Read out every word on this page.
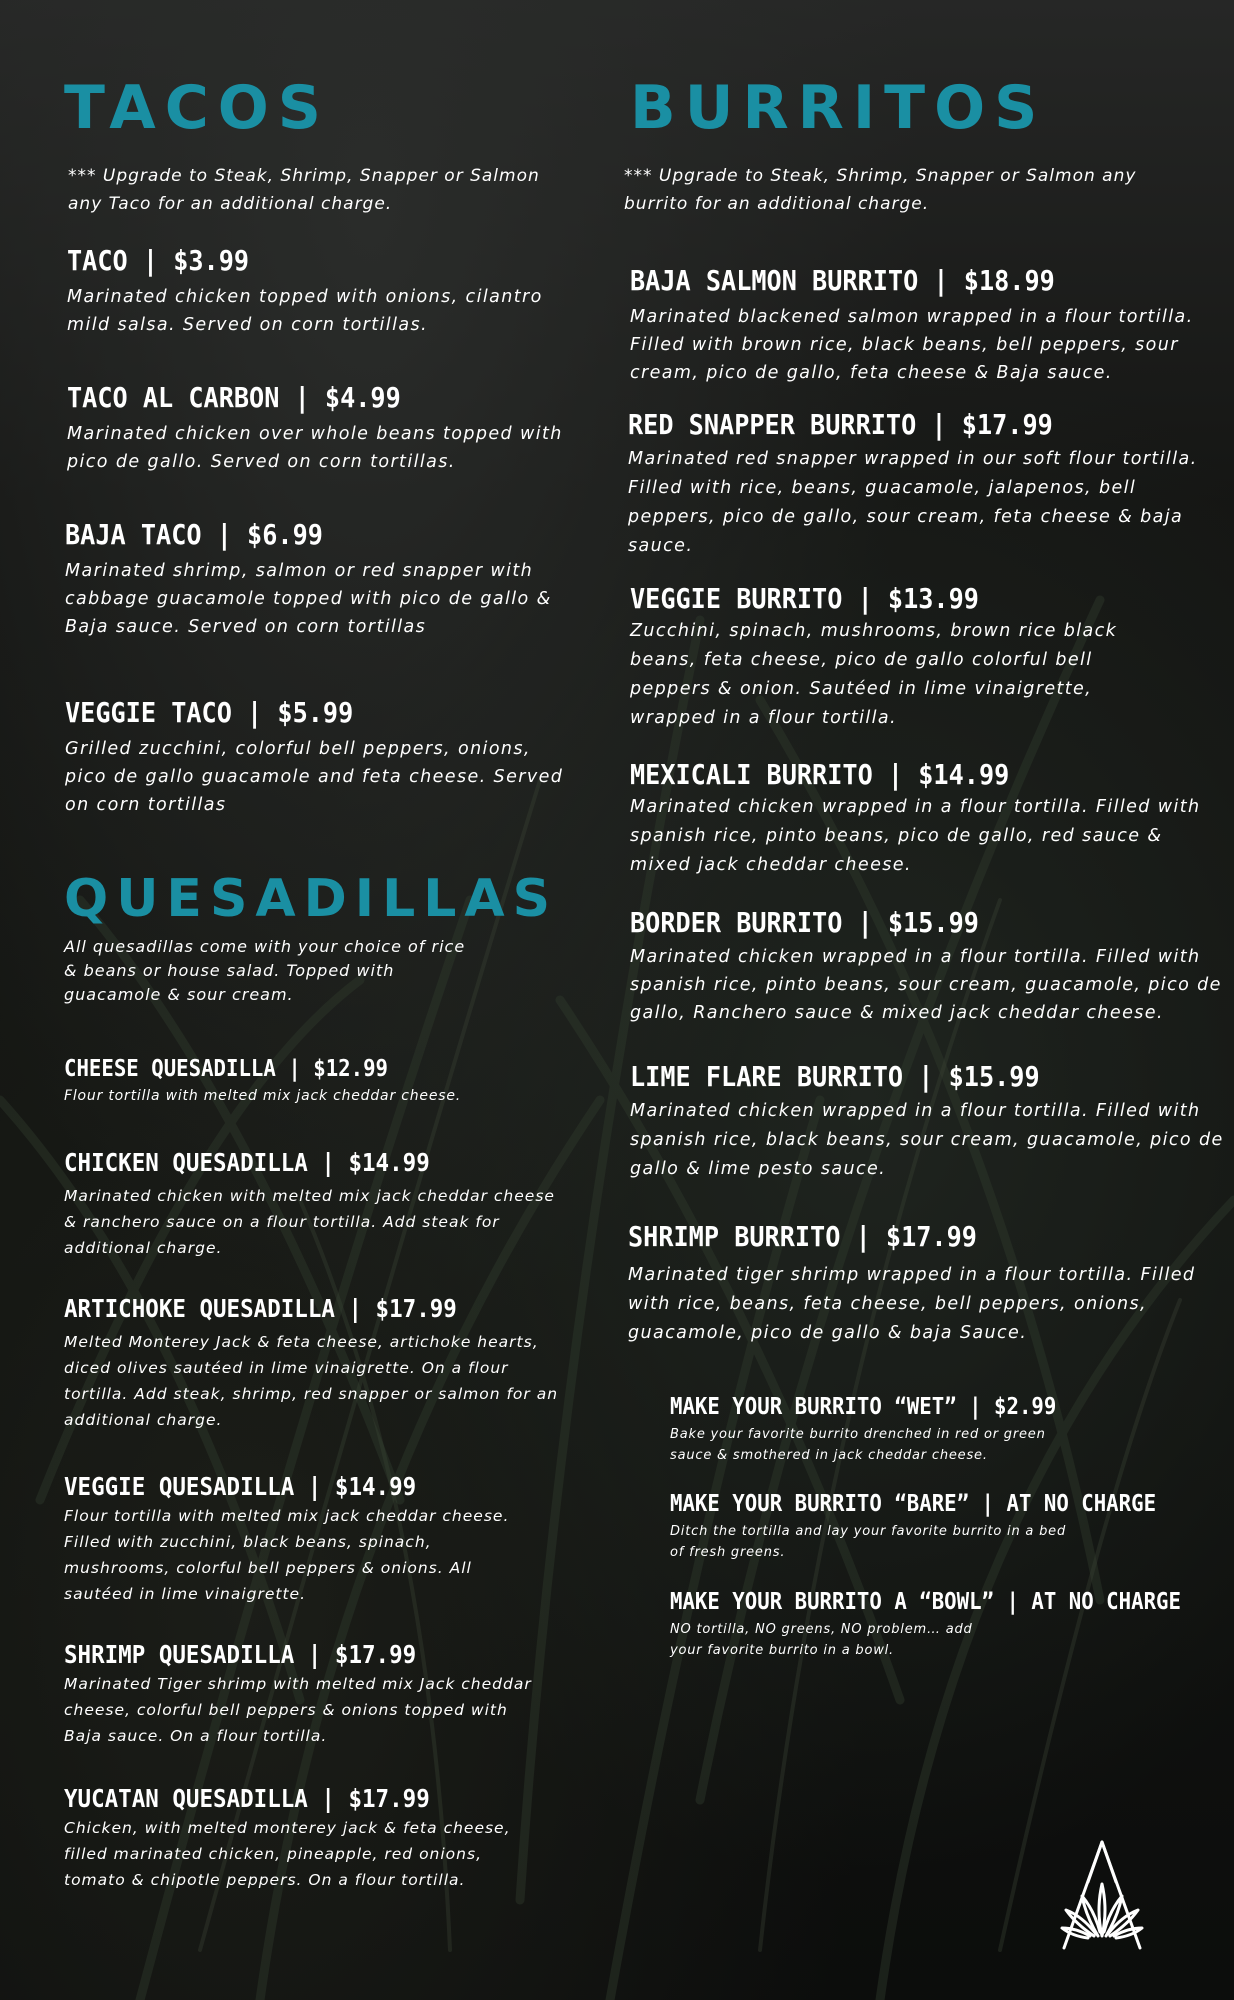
TACOS
*** Upgrade to Steak, Shrimp, Snapper or Salmon any Taco for an additional charge.
TACO | $3.99
Marinated chicken topped with onions, cilantro mild salsa. Served on corn tortillas.
TACO AL CARBON | $4.99
Marinated chicken over whole beans topped with pico de gallo. Served on corn tortillas.
BAJA TACO | $6.99
Marinated shrimp, salmon or red snapper with cabbage guacamole topped with pico de gallo & Baja sauce. Served on corn tortillas
VEGGIE TACO | $5.99
Grilled zucchini, colorful bell peppers, onions, pico de gallo guacamole and feta cheese. Served on corn tortillas
QUESADILLAS
All quesadillas come with your choice of rice & beans or house salad. Topped with guacamole & sour cream.
CHEESE QUESADILLA | $12.99
Flour tortilla with melted mix jack cheddar cheese.
CHICKEN QUESADILLA | $14.99
Marinated chicken with melted mix jack cheddar cheese & ranchero sauce on a flour tortilla. Add steak for additional charge.
ARTICHOKE QUESADILLA | $17.99
Melted Monterey Jack & feta cheese, artichoke hearts, diced olives sautéed in lime vinaigrette. On a flour tortilla. Add steak, shrimp, red snapper or salmon for an additional charge.
VEGGIE QUESADILLA | $14.99
Flour tortilla with melted mix jack cheddar cheese. Filled with zucchini, black beans, spinach, mushrooms, colorful bell peppers & onions. All sautéed in lime vinaigrette.
SHRIMP QUESADILLA | $17.99
Marinated Tiger shrimp with melted mix Jack cheddar cheese, colorful bell peppers & onions topped with Baja sauce. On a flour tortilla.
YUCATAN QUESADILLA | $17.99
Chicken, with melted monterey jack & feta cheese, filled marinated chicken, pineapple, red onions, tomato & chipotle peppers. On a flour tortilla.
BURRITOS
*** Upgrade to Steak, Shrimp, Snapper or Salmon any burrito for an additional charge.
BAJA SALMON BURRITO | $18.99
Marinated blackened salmon wrapped in a flour tortilla. Filled with brown rice, black beans, bell peppers, sour cream, pico de gallo, feta cheese & Baja sauce.
RED SNAPPER BURRITO | $17.99
Marinated red snapper wrapped in our soft flour tortilla. Filled with rice, beans, guacamole, jalapenos, bell peppers, pico de gallo, sour cream, feta cheese & baja sauce.
VEGGIE BURRITO | $13.99
Zucchini, spinach, mushrooms, brown rice black beans, feta cheese, pico de gallo colorful bell peppers & onion. Sautéed in lime vinaigrette, wrapped in a flour tortilla.
MEXICALI BURRITO | $14.99
Marinated chicken wrapped in a flour tortilla. Filled with spanish rice, pinto beans, pico de gallo, red sauce & mixed jack cheddar cheese.
BORDER BURRITO | $15.99
Marinated chicken wrapped in a flour tortilla. Filled with spanish rice, pinto beans, sour cream, guacamole, pico de gallo, Ranchero sauce & mixed jack cheddar cheese.
LIME FLARE BURRITO | $15.99
Marinated chicken wrapped in a flour tortilla. Filled with spanish rice, black beans, sour cream, guacamole, pico de gallo & lime pesto sauce.
SHRIMP BURRITO | $17.99
Marinated tiger shrimp wrapped in a flour tortilla. Filled with rice, beans, feta cheese, bell peppers, onions, guacamole, pico de gallo & baja Sauce.
MAKE YOUR BURRITO “WET” | $2.99
Bake your favorite burrito drenched in red or green sauce & smothered in jack cheddar cheese.
MAKE YOUR BURRITO “BARE” | AT NO CHARGE
Ditch the tortilla and lay your favorite burrito in a bed of fresh greens.
MAKE YOUR BURRITO A “BOWL” | AT NO CHARGE
NO tortilla, NO greens, NO problem… add your favorite burrito in a bowl.
